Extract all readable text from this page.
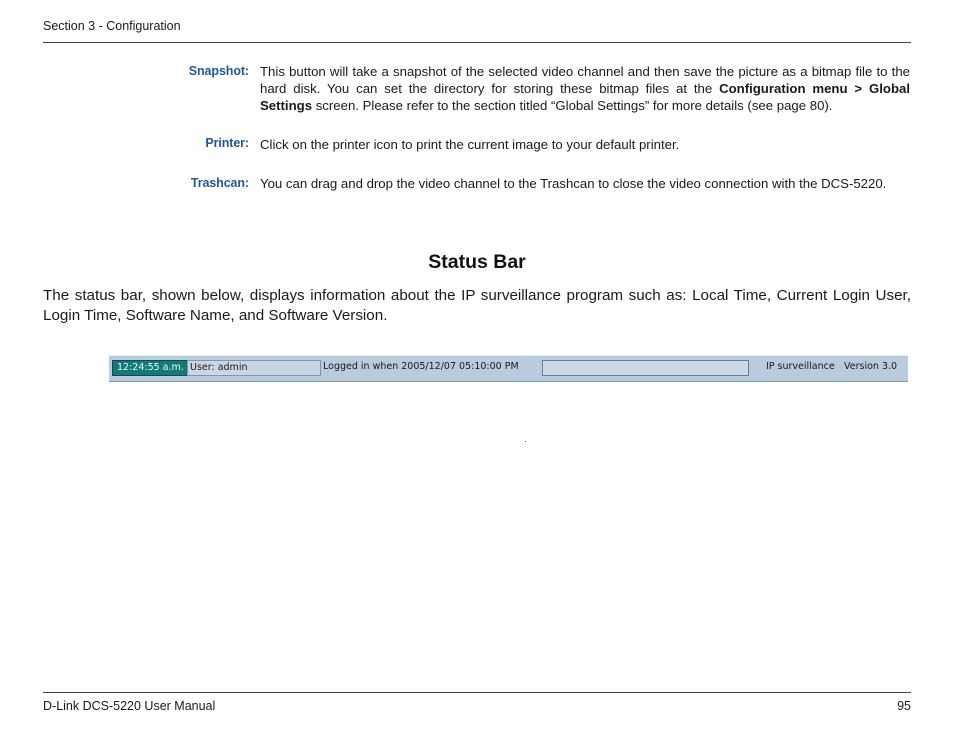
Section 3 - Configuration
Snapshot: This button will take a snapshot of the selected video channel and then save the picture as a bitmap file to the hard disk. You can set the directory for storing these bitmap files at the Configuration menu > Global Settings screen. Please refer to the section titled “Global Settings” for more details (see page 80).
Printer: Click on the printer icon to print the current image to your default printer.
Trashcan: You can drag and drop the video channel to the Trashcan to close the video connection with the DCS-5220.
Status Bar
The status bar, shown below, displays information about the IP surveillance program such as: Local Time, Current Login User, Login Time, Software Name, and Software Version.
12:24:55 a.m. User: admin	Logged in when 2005/12/07 05:10:00 PM	IP surveillance Version 3.0
D-Link DCS-5220 User Manual	95
